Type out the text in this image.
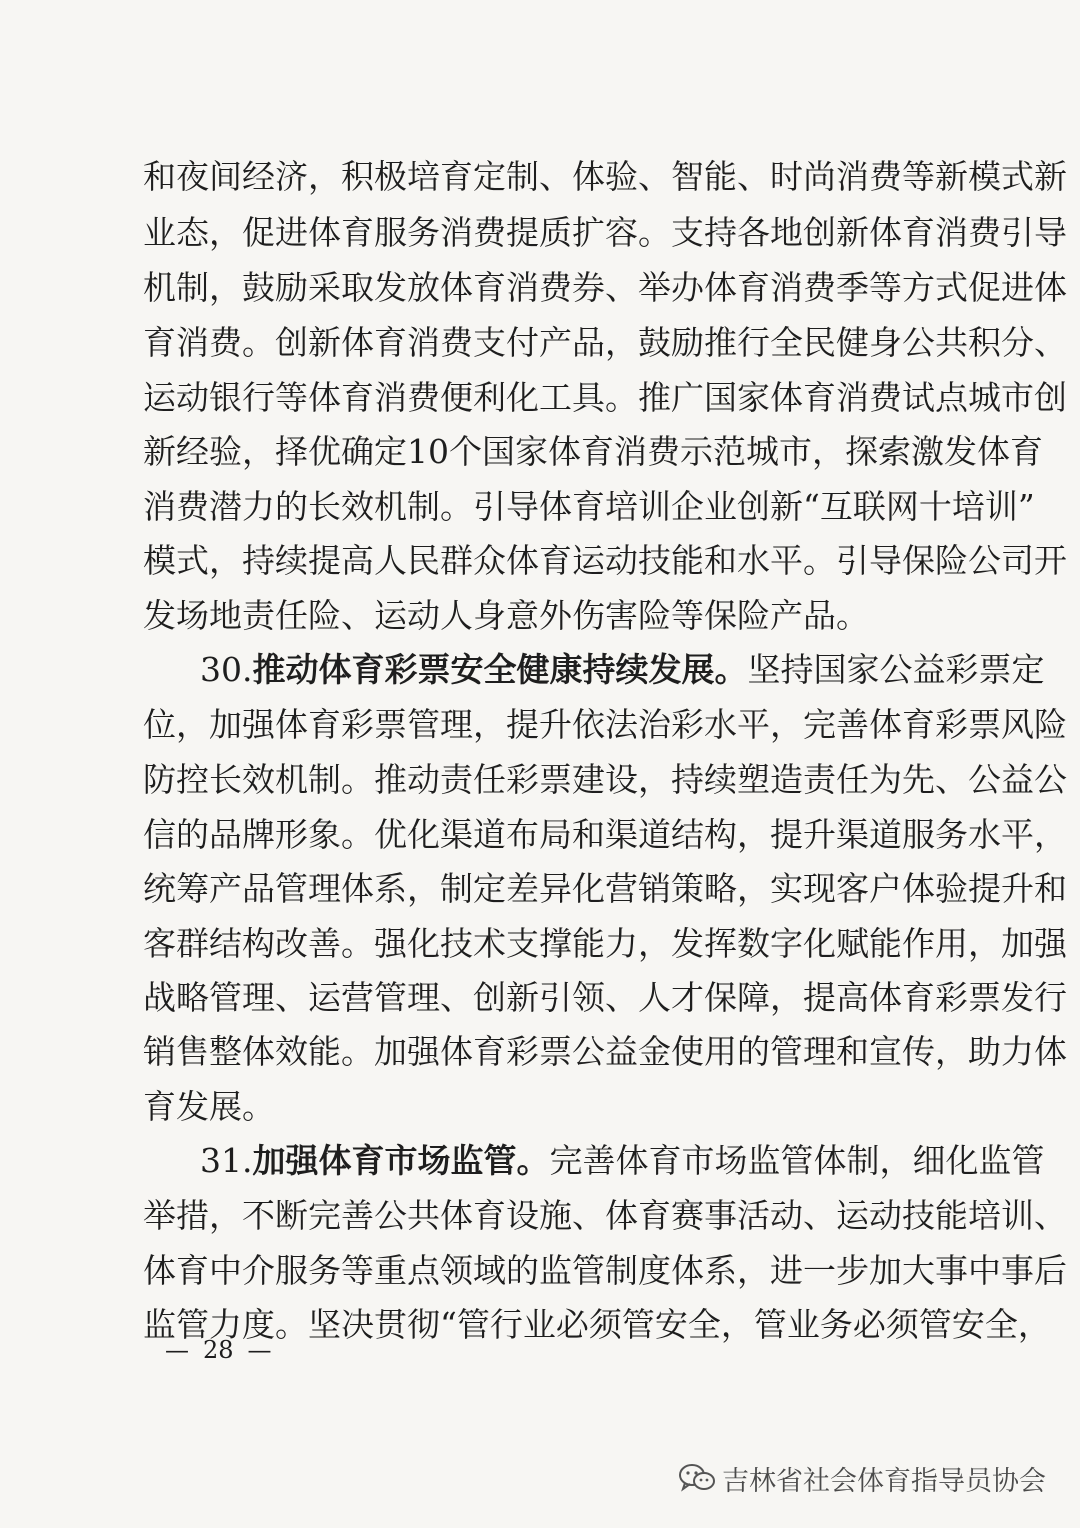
和夜间经济，积极培育定制、体验、智能、时尚消费等新模式新
业态，促进体育服务消费提质扩容。支持各地创新体育消费引导
机制，鼓励采取发放体育消费券、举办体育消费季等方式促进体
育消费。创新体育消费支付产品，鼓励推行全民健身公共积分、
运动银行等体育消费便利化工具。推广国家体育消费试点城市创
新经验，择优确定10个国家体育消费示范城市，探索激发体育
消费潜力的长效机制。引导体育培训企业创新“互联网十培训”
模式，持续提高人民群众体育运动技能和水平。引导保险公司开
发场地责任险、运动人身意外伤害险等保险产品。
30.推动体育彩票安全健康持续发展。坚持国家公益彩票定
位，加强体育彩票管理，提升依法治彩水平，完善体育彩票风险
防控长效机制。推动责任彩票建设，持续塑造责任为先、公益公
信的品牌形象。优化渠道布局和渠道结构，提升渠道服务水平，
统筹产品管理体系，制定差异化营销策略，实现客户体验提升和
客群结构改善。强化技术支撑能力，发挥数字化赋能作用，加强
战略管理、运营管理、创新引领、人才保障，提高体育彩票发行
销售整体效能。加强体育彩票公益金使用的管理和宣传，助力体
育发展。
31.加强体育市场监管。完善体育市场监管体制，细化监管
举措，不断完善公共体育设施、体育赛事活动、运动技能培训、
体育中介服务等重点领域的监管制度体系，进一步加大事中事后
监管力度。坚决贯彻“管行业必须管安全，管业务必须管安全，
— 28 —
吉林省社会体育指导员协会
